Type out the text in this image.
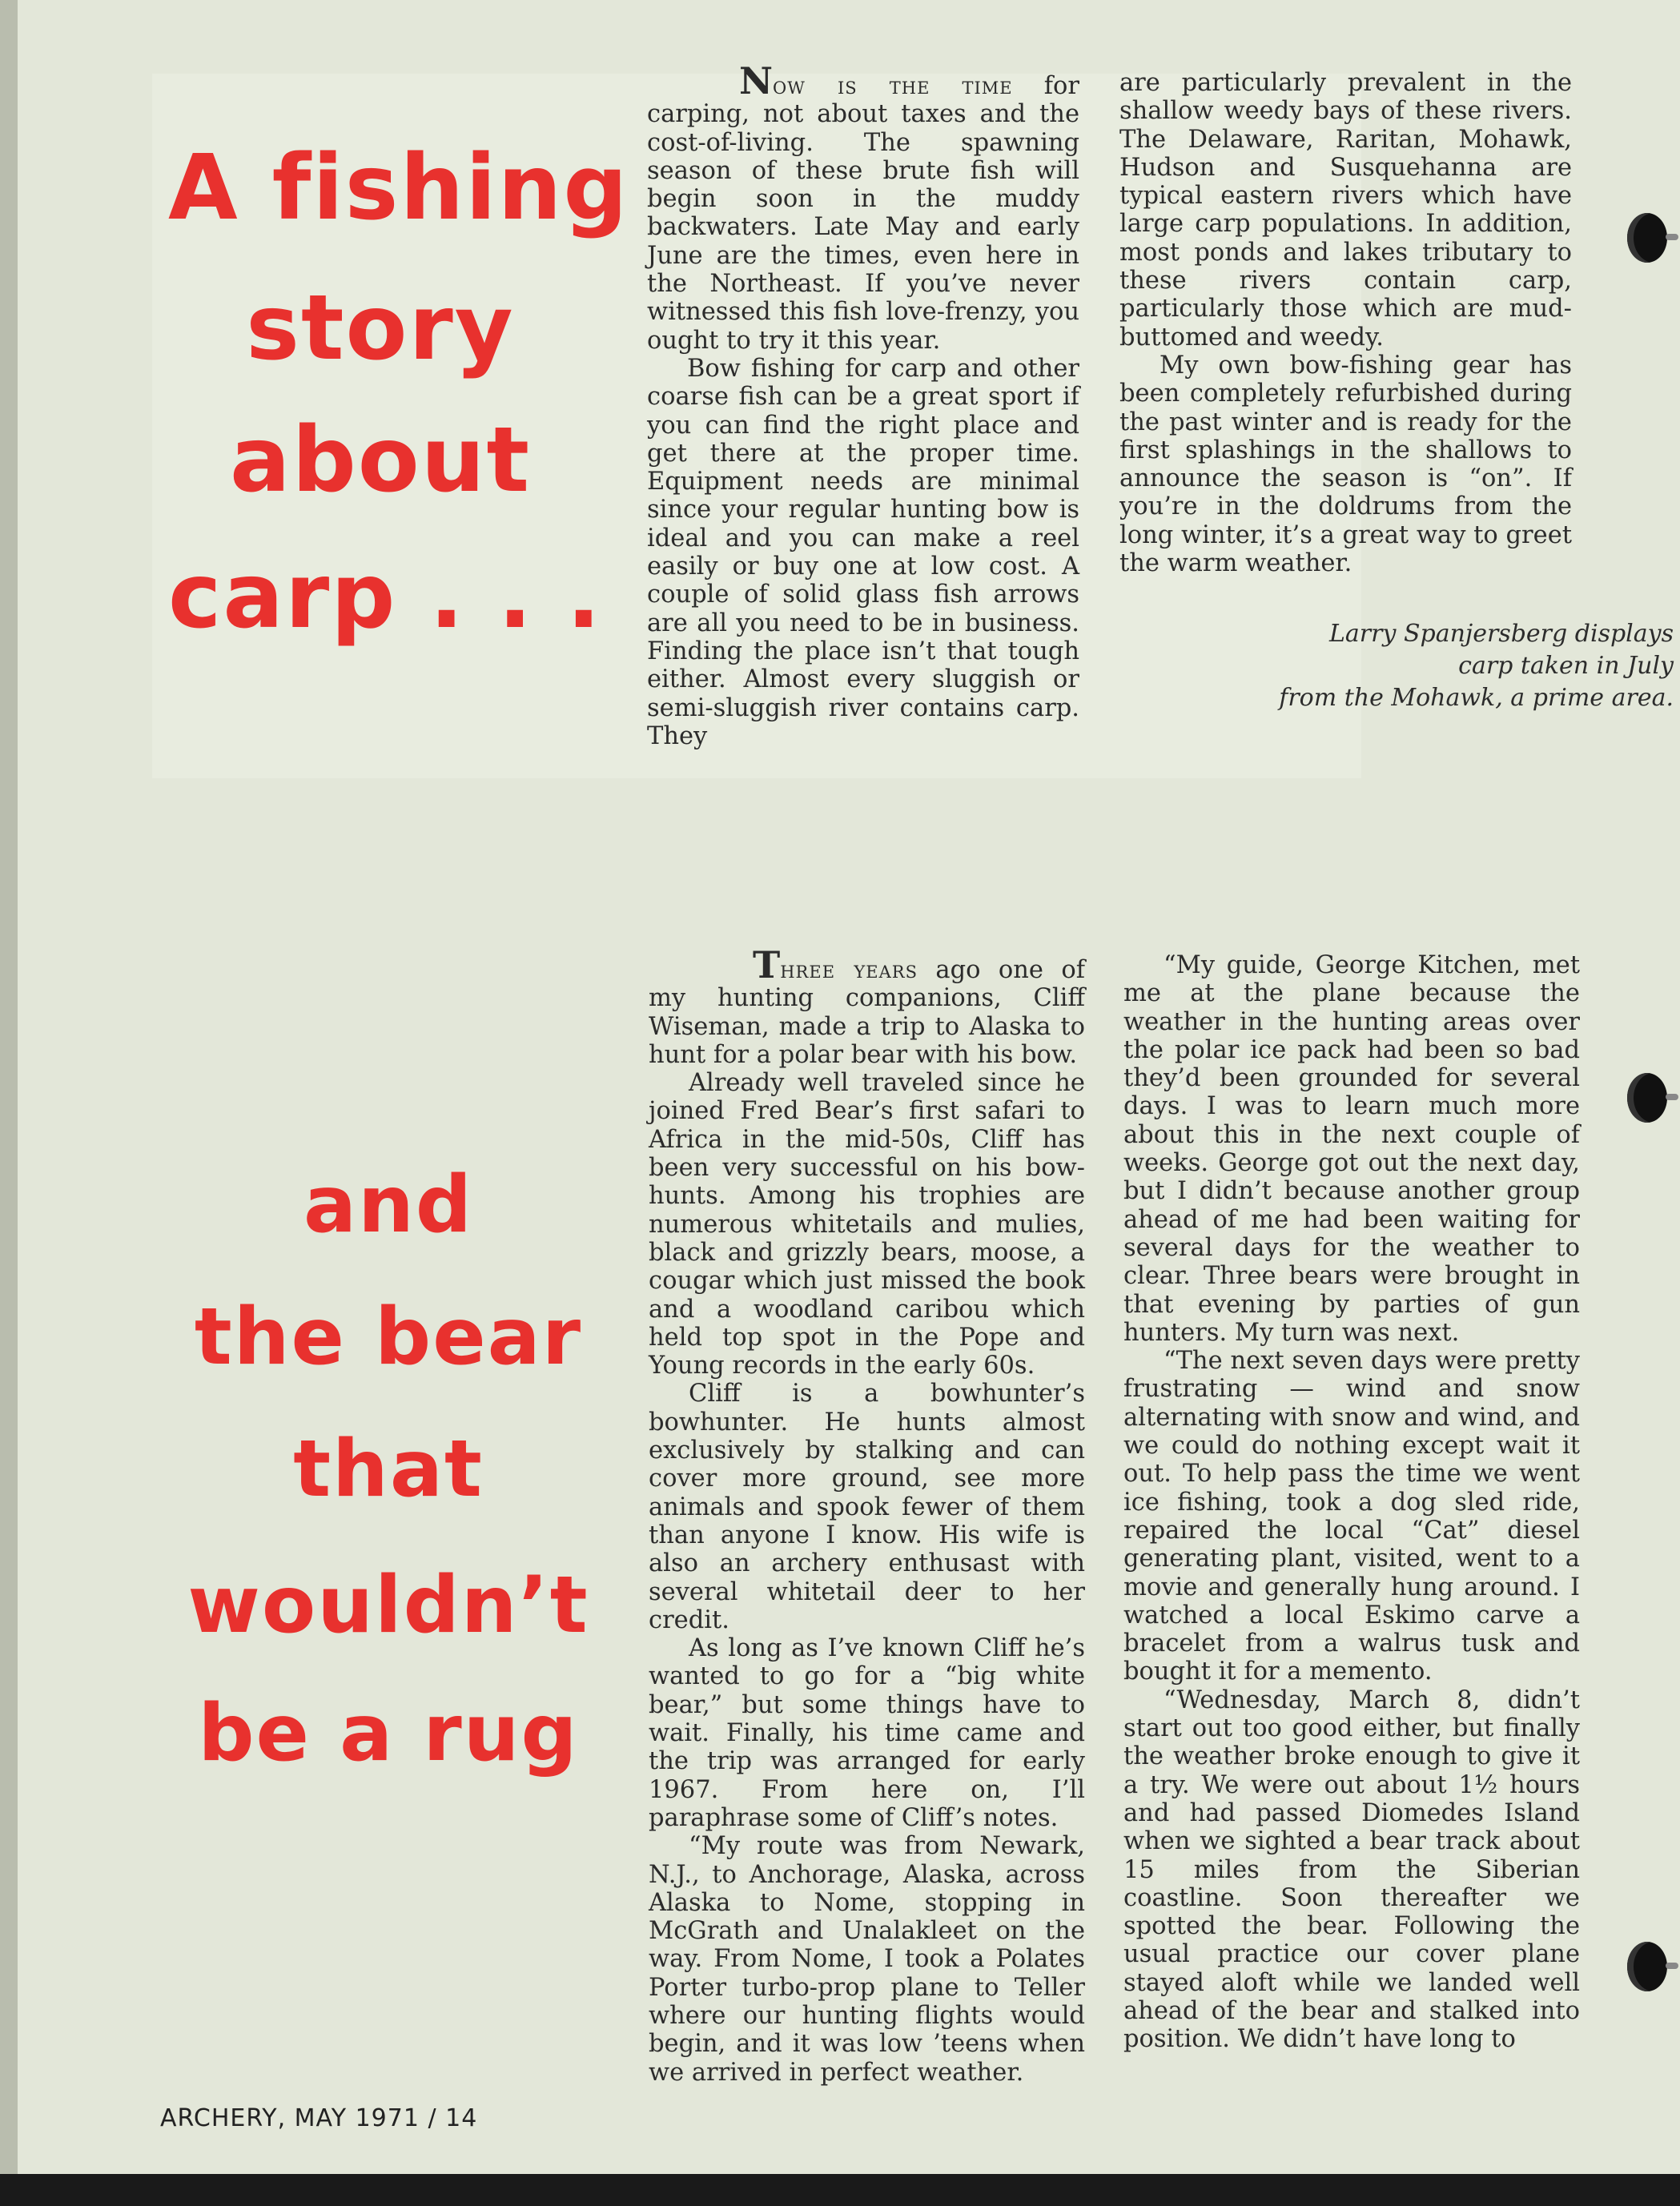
A fishing
story
about
carp . . .

Now is the time for carping, not about taxes and the cost-of-living. The spawning season of these brute fish will begin soon in the muddy backwaters. Late May and early June are the times, even here in the Northeast. If you’ve never witnessed this fish love-frenzy, you ought to try it this year.

Bow fishing for carp and other coarse fish can be a great sport if you can find the right place and get there at the proper time. Equipment needs are minimal since your regular hunting bow is ideal and you can make a reel easily or buy one at low cost. A couple of solid glass fish arrows are all you need to be in business. Finding the place isn’t that tough either. Almost every sluggish or semi-sluggish river contains carp. They

are particularly prevalent in the shallow weedy bays of these rivers. The Delaware, Raritan, Mohawk, Hudson and Susquehanna are typical eastern rivers which have large carp populations. In addition, most ponds and lakes tributary to these rivers contain carp, particularly those which are mud-buttomed and weedy.

My own bow-fishing gear has been completely refurbished during the past winter and is ready for the first splashings in the shallows to announce the season is “on”. If you’re in the doldrums from the long winter, it’s a great way to greet the warm weather.

Larry Spanjersberg displays
carp taken in July
from the Mohawk, a prime area.
and
the bear
that
wouldn’t
be a rug

Three years ago one of my hunting companions, Cliff Wiseman, made a trip to Alaska to hunt for a polar bear with his bow.

Already well traveled since he joined Fred Bear’s first safari to Africa in the mid-50s, Cliff has been very successful on his bow-hunts. Among his trophies are numerous whitetails and mulies, black and grizzly bears, moose, a cougar which just missed the book and a woodland caribou which held top spot in the Pope and Young records in the early 60s.

Cliff is a bowhunter’s bowhunter. He hunts almost exclusively by stalking and can cover more ground, see more animals and spook fewer of them than anyone I know. His wife is also an archery enthusast with several whitetail deer to her credit.

As long as I’ve known Cliff he’s wanted to go for a “big white bear,” but some things have to wait. Finally, his time came and the trip was arranged for early 1967. From here on, I’ll paraphrase some of Cliff’s notes.

“My route was from Newark, N.J., to Anchorage, Alaska, across Alaska to Nome, stopping in McGrath and Unalakleet on the way. From Nome, I took a Polates Porter turbo-prop plane to Teller where our hunting flights would begin, and it was low ’teens when we arrived in perfect weather.

“My guide, George Kitchen, met me at the plane because the weather in the hunting areas over the polar ice pack had been so bad they’d been grounded for several days. I was to learn much more about this in the next couple of weeks. George got out the next day, but I didn’t because another group ahead of me had been waiting for several days for the weather to clear. Three bears were brought in that evening by parties of gun hunters. My turn was next.

“The next seven days were pretty frustrating — wind and snow alternating with snow and wind, and we could do nothing except wait it out. To help pass the time we went ice fishing, took a dog sled ride, repaired the local “Cat” diesel generating plant, visited, went to a movie and generally hung around. I watched a local Eskimo carve a bracelet from a walrus tusk and bought it for a memento.

“Wednesday, March 8, didn’t start out too good either, but finally the weather broke enough to give it a try. We were out about 1½ hours and had passed Diomedes Island when we sighted a bear track about 15 miles from the Siberian coastline. Soon thereafter we spotted the bear. Following the usual practice our cover plane stayed aloft while we landed well ahead of the bear and stalked into position. We didn’t have long to

ARCHERY, MAY 1971 / 14
